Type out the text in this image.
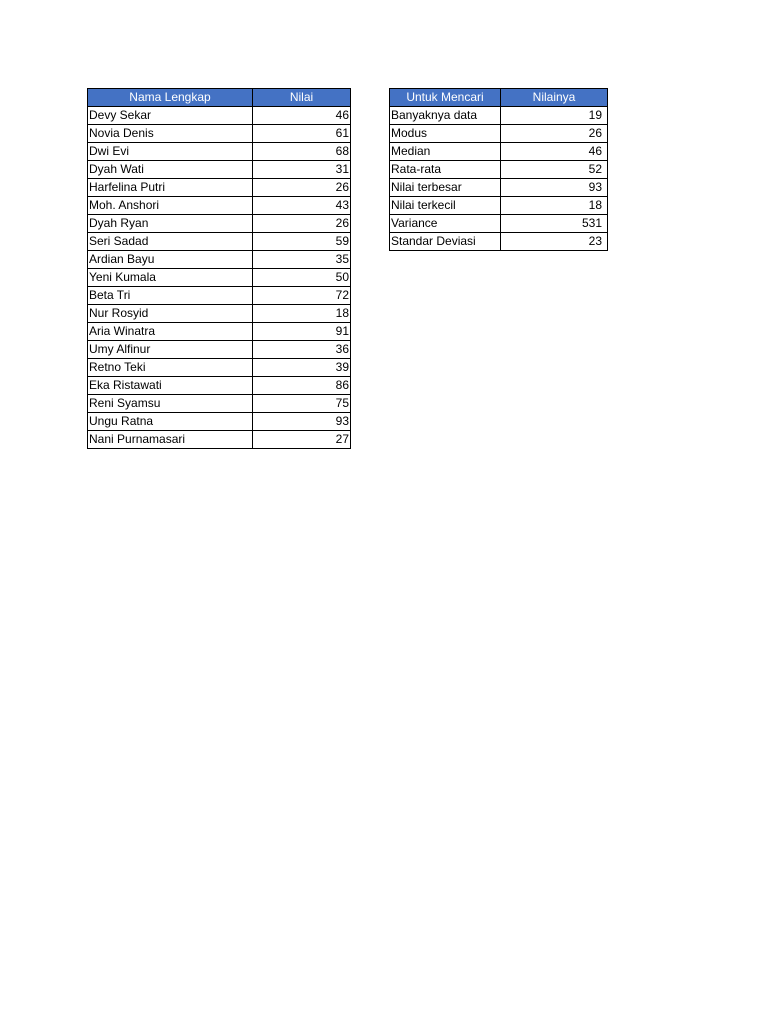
Nama Lengkap	Nilai
Devy Sekar	46
Novia Denis	61
Dwi Evi	68
Dyah Wati	31
Harfelina Putri	26
Moh. Anshori	43
Dyah Ryan	26
Seri Sadad	59
Ardian Bayu	35
Yeni Kumala	50
Beta Tri	72
Nur Rosyid	18
Aria Winatra	91
Umy Alfinur	36
Retno Teki	39
Eka Ristawati	86
Reni Syamsu	75
Ungu Ratna	93
Nani Purnamasari	27
Untuk Mencari	Nilainya
Banyaknya data	19
Modus	26
Median	46
Rata-rata	52
Nilai terbesar	93
Nilai terkecil	18
Variance	531
Standar Deviasi	23
